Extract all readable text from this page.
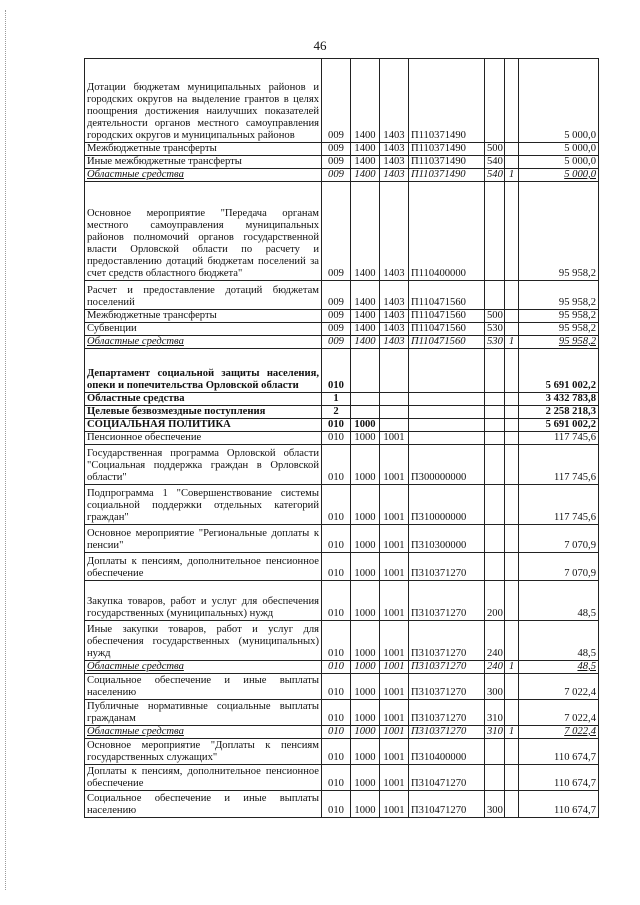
46
Дотации бюджетам муниципальных районов и городских округов на выделение грантов в целях поощрения достижения наилучших показателей деятельности органов местного самоуправления городских округов и муниципальных районов	009	1400	1403	П110371490			5 000,0
Межбюджетные трансферты	009	1400	1403	П110371490	500		5 000,0
Иные межбюджетные трансферты	009	1400	1403	П110371490	540		5 000,0
Областные средства	009	1400	1403	П110371490	540	1	5 000,0
Основное мероприятие "Передача органам местного самоуправления муниципальных районов полномочий органов государственной власти Орловской области по расчету и предоставлению дотаций бюджетам поселений за счет средств областного бюджета"	009	1400	1403	П110400000			95 958,2
Расчет и предоставление дотаций бюджетам поселений	009	1400	1403	П110471560			95 958,2
Межбюджетные трансферты	009	1400	1403	П110471560	500		95 958,2
Субвенции	009	1400	1403	П110471560	530		95 958,2
Областные средства	009	1400	1403	П110471560	530	1	95 958,2
Департамент социальной защиты населения, опеки и попечительства Орловской области	010						5 691 002,2
Областные средства	1						3 432 783,8
Целевые безвозмездные поступления	2						2 258 218,3
СОЦИАЛЬНАЯ ПОЛИТИКА	010	1000					5 691 002,2
Пенсионное обеспечение	010	1000	1001				117 745,6
Государственная программа Орловской области "Социальная поддержка граждан в Орловской области"	010	1000	1001	П300000000			117 745,6
Подпрограмма 1 "Совершенствование системы социальной поддержки отдельных категорий граждан"	010	1000	1001	П310000000			117 745,6
Основное мероприятие "Региональные доплаты к пенсии"	010	1000	1001	П310300000			7 070,9
Доплаты к пенсиям, дополнительное пенсионное обеспечение	010	1000	1001	П310371270			7 070,9
Закупка товаров, работ и услуг для обеспечения государственных (муниципальных) нужд	010	1000	1001	П310371270	200		48,5
Иные закупки товаров, работ и услуг для обеспечения государственных (муниципальных) нужд	010	1000	1001	П310371270	240		48,5
Областные средства	010	1000	1001	П310371270	240	1	48,5
Социальное обеспечение и иные выплаты населению	010	1000	1001	П310371270	300		7 022,4
Публичные нормативные социальные выплаты гражданам	010	1000	1001	П310371270	310		7 022,4
Областные средства	010	1000	1001	П310371270	310	1	7 022,4
Основное мероприятие "Доплаты к пенсиям государственных служащих"	010	1000	1001	П310400000			110 674,7
Доплаты к пенсиям, дополнительное пенсионное обеспечение	010	1000	1001	П310471270			110 674,7
Социальное обеспечение и иные выплаты населению	010	1000	1001	П310471270	300		110 674,7
